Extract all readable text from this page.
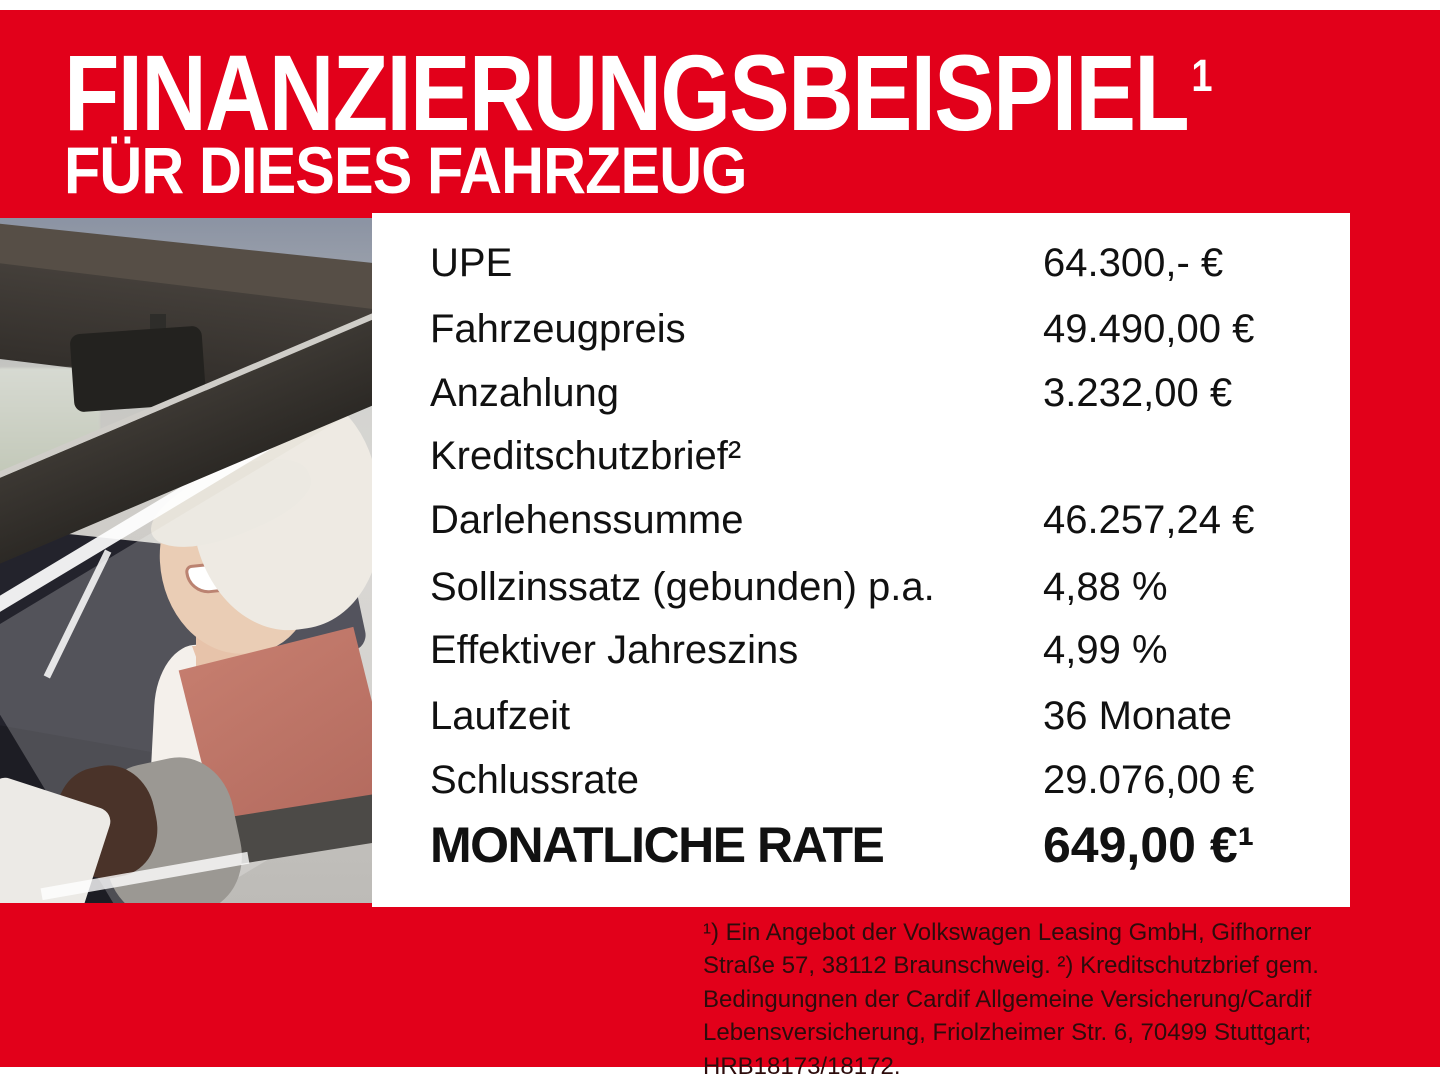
FINANZIERUNGSBEISPIEL$^1$
FÜR DIESES FAHRZEUG
UPE	64.300,- €
Fahrzeugpreis	49.490,00 €
Anzahlung	3.232,00 €
Kreditschutzbrief²
Darlehenssumme	46.257,24 €
Sollzinssatz (gebunden) p.a.	4,88 %
Effektiver Jahreszins	4,99 %
Laufzeit	36 Monate
Schlussrate	29.076,00 €
MONATLICHE RATE	649,00 €¹
¹) Ein Angebot der Volkswagen Leasing GmbH, Gifhorner
Straße 57, 38112 Braunschweig. ²) Kreditschutzbrief gem.
Bedingungnen der Cardif Allgemeine Versicherung/Cardif
Lebensversicherung, Friolzheimer Str. 6, 70499 Stuttgart;
HRB18173/18172.
